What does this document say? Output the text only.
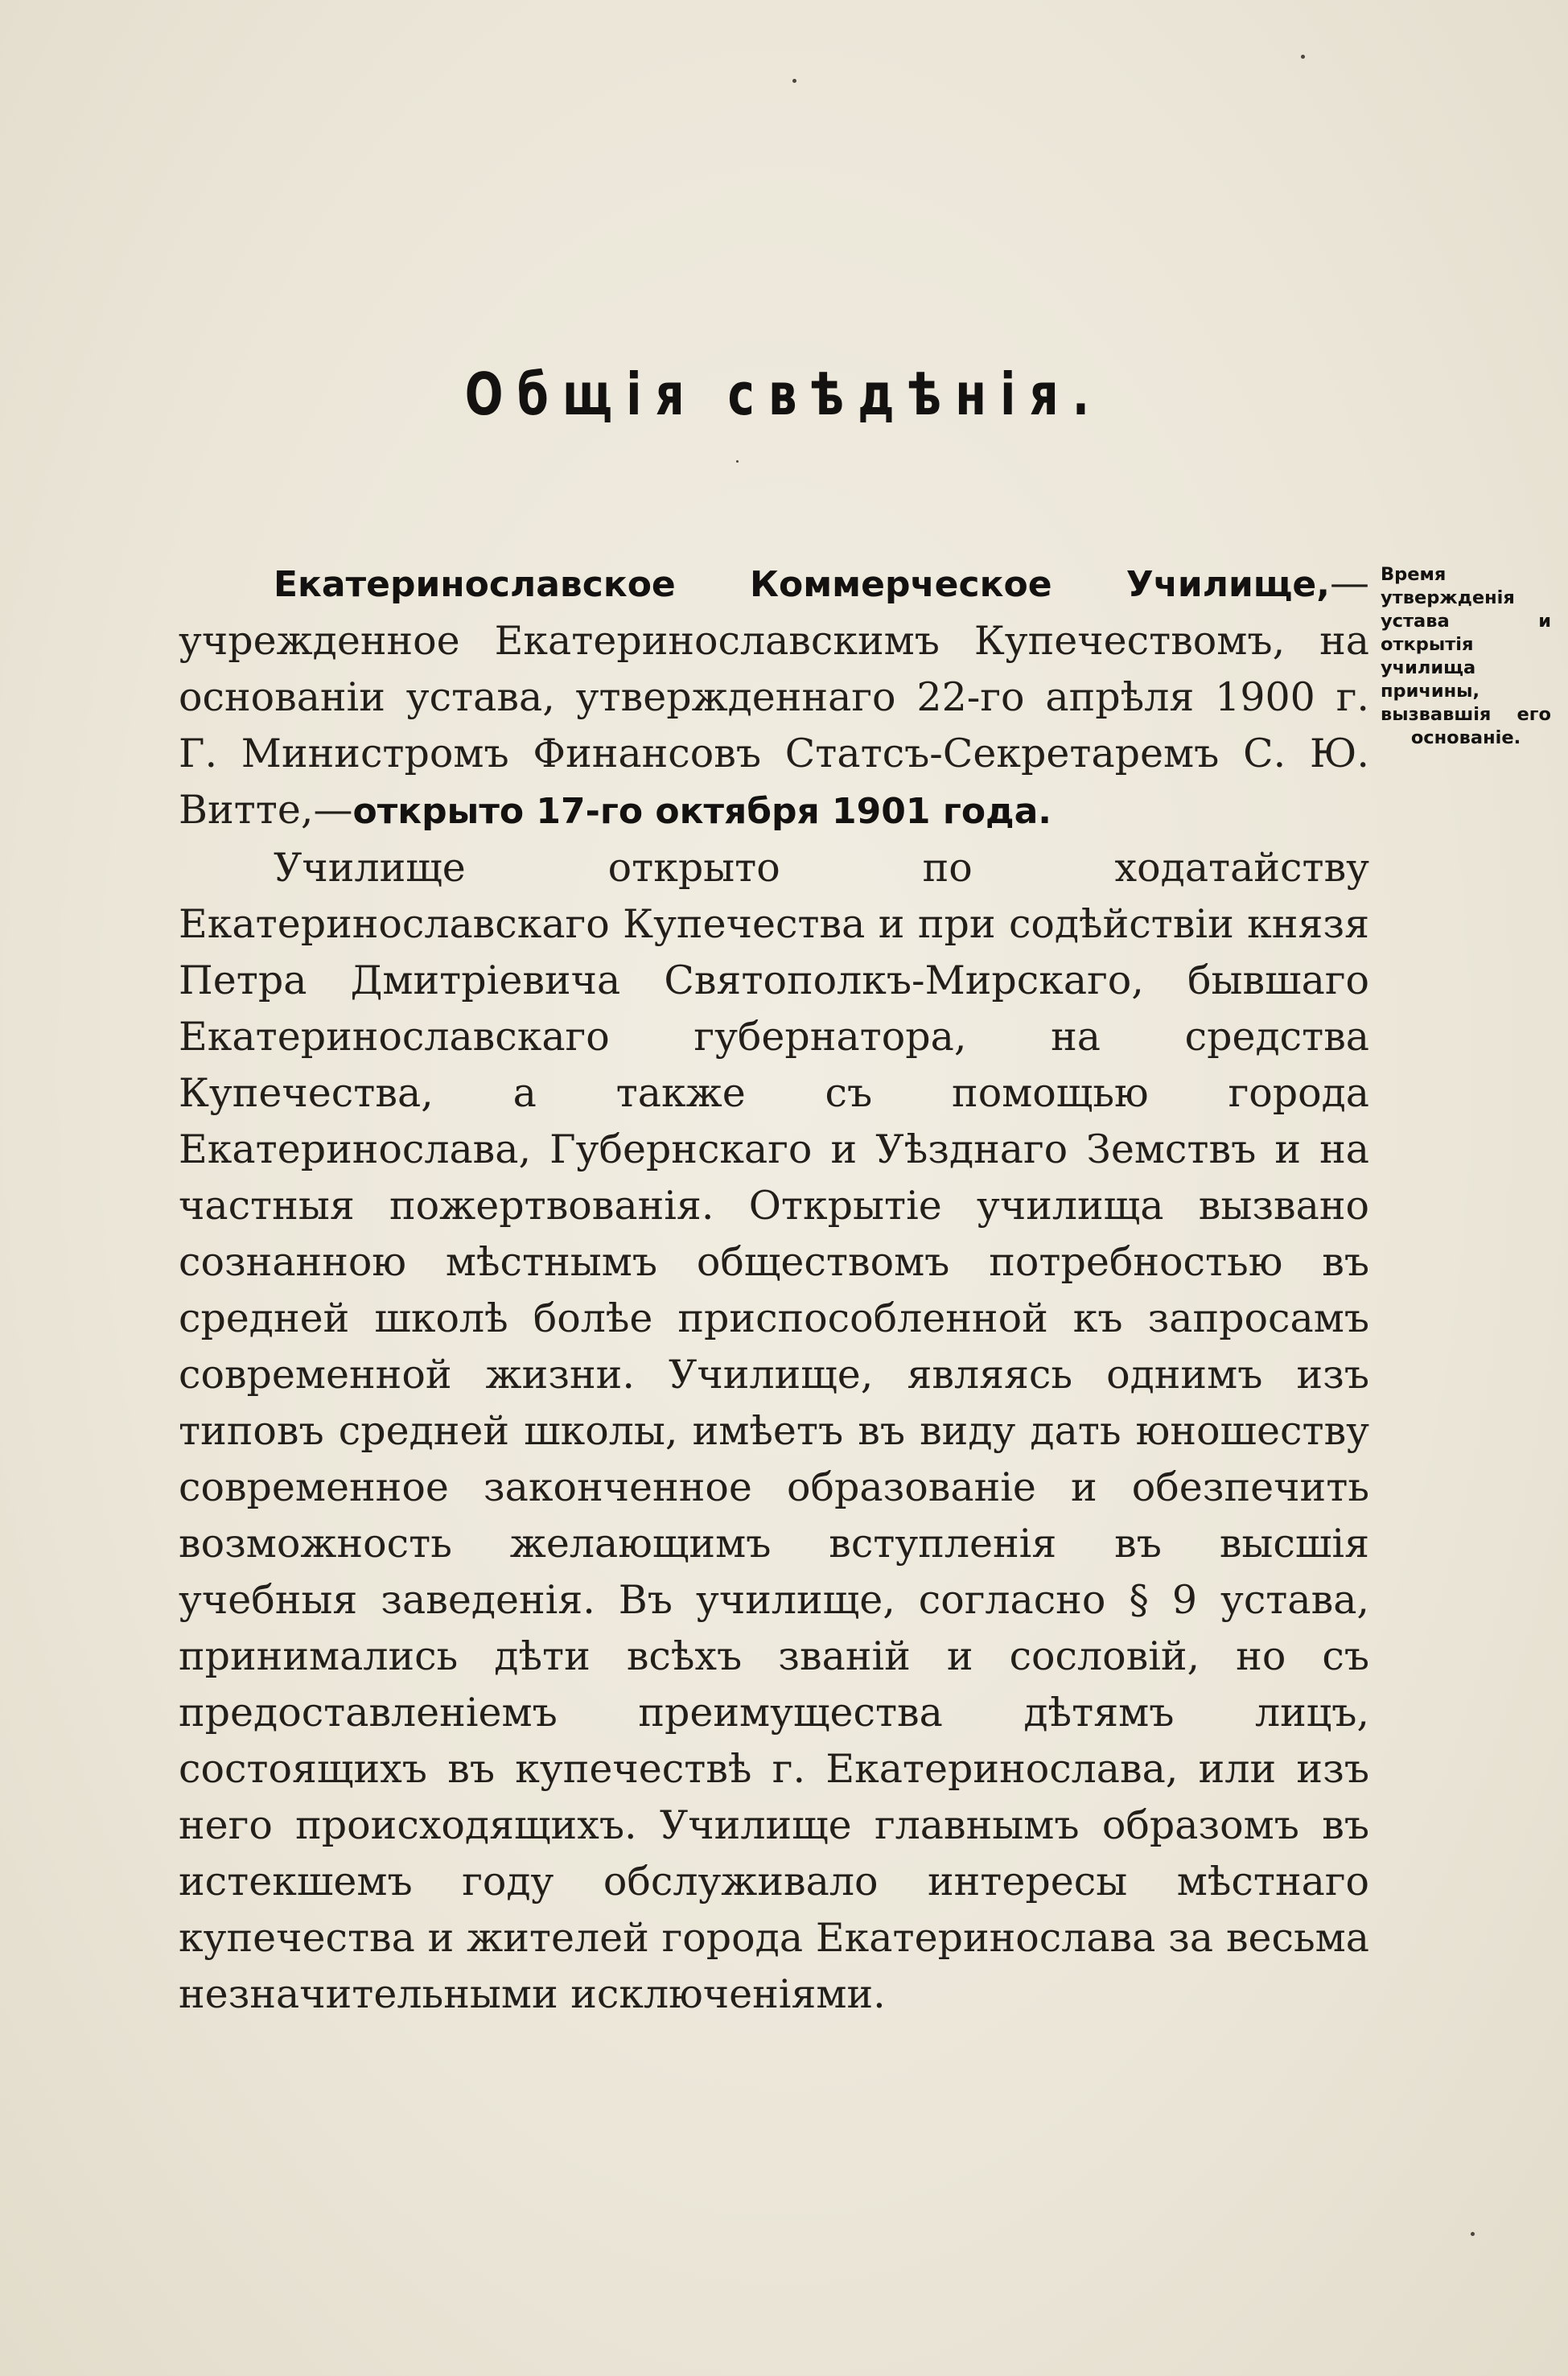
Общiя свѣдѣнiя.

Екатеринославское Коммерческое Училище,—учрежденное Екатеринославскимъ Купечествомъ, на основанiи устава, утвержденнаго 22-го апрѣля 1900 г. Г. Министромъ Финансовъ Статсъ-Секретаремъ С. Ю. Витте,—открыто 17-го октября 1901 года.

Училище открыто по ходатайству Екатеринославскаго Купечества и при содѣйствiи князя Петра Дмитрiевича Святополкъ-Мирскаго, бывшаго Екатеринославскаго губернатора, на средства Купечества, а также съ помощью города Екатеринослава, Губернскаго и Уѣзднаго Земствъ и на частныя пожертвованiя. Открытiе училища вызвано сознанною мѣстнымъ обществомъ потребностью въ средней школѣ болѣе приспособленной къ запросамъ современной жизни. Училище, являясь однимъ изъ типовъ средней школы, имѣетъ въ виду дать юношеству современное законченное образованiе и обезпечить возможность желающимъ вступленiя въ высшiя учебныя заведенiя. Въ училище, согласно § 9 устава, принимались дѣти всѣхъ званiй и сословiй, но съ предоставленiемъ преимущества дѣтямъ лицъ, состоящихъ въ купечествѣ г. Екатеринослава, или изъ него происходящихъ. Училище главнымъ образомъ въ истекшемъ году обслуживало интересы мѣстнаго купечества и жителей города Екатеринослава за весьма незначительными исключенiями.

Время утвержденiя устава и открытiя училища причины, вызвавшiя его основанiе.
